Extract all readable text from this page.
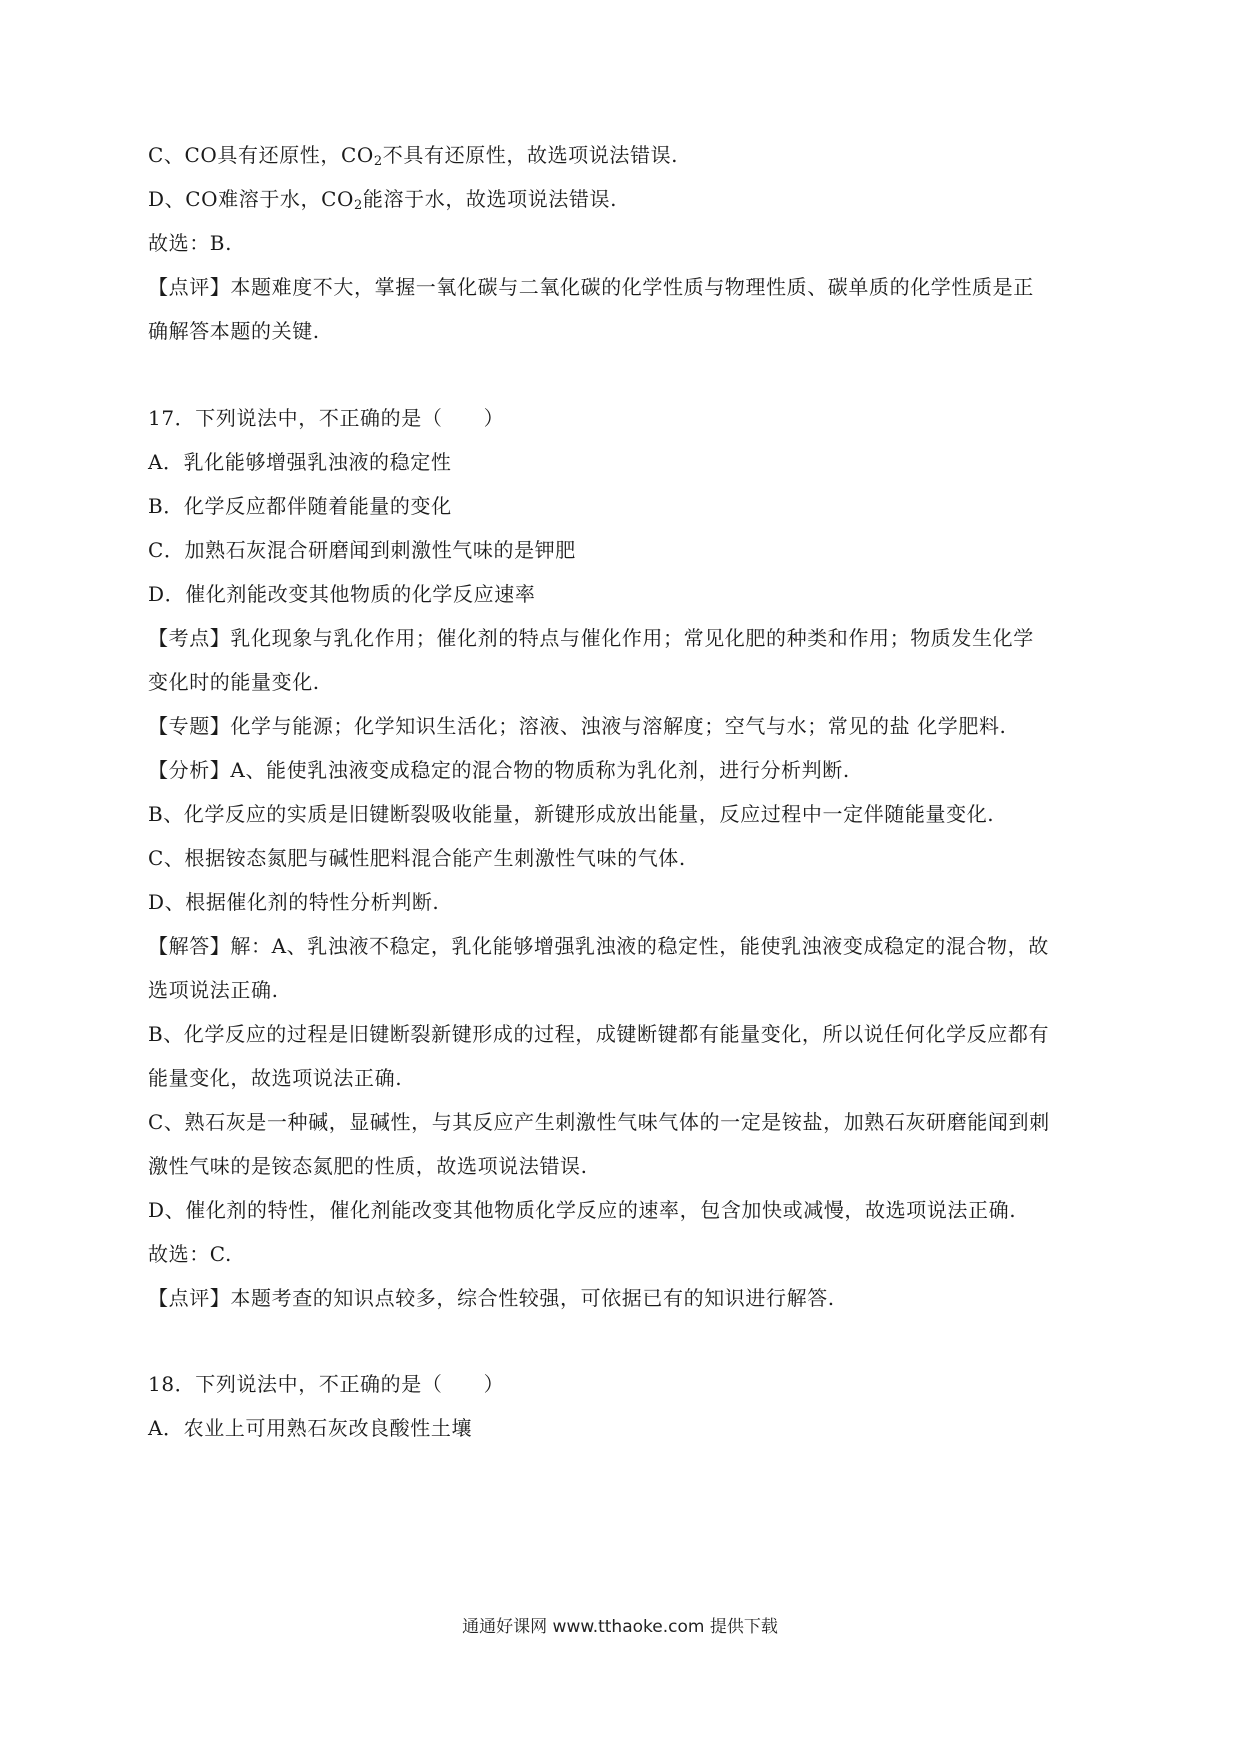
C、CO具有还原性，$CO_2$不具有还原性，故选项说法错误.
D、CO难溶于水，$CO_2$能溶于水，故选项说法错误.
故选：B.
【点评】本题难度不大，掌握一氧化碳与二氧化碳的化学性质与物理性质、碳单质的化学性质是正
确解答本题的关键.
17．下列说法中，不正确的是（　　）
A．乳化能够增强乳浊液的稳定性
B．化学反应都伴随着能量的变化
C．加熟石灰混合研磨闻到刺激性气味的是钾肥
D．催化剂能改变其他物质的化学反应速率
【考点】乳化现象与乳化作用；催化剂的特点与催化作用；常见化肥的种类和作用；物质发生化学
变化时的能量变化.
【专题】化学与能源；化学知识生活化；溶液、浊液与溶解度；空气与水；常见的盐 化学肥料.
【分析】A、能使乳浊液变成稳定的混合物的物质称为乳化剂，进行分析判断.
B、化学反应的实质是旧键断裂吸收能量，新键形成放出能量，反应过程中一定伴随能量变化.
C、根据铵态氮肥与碱性肥料混合能产生刺激性气味的气体.
D、根据催化剂的特性分析判断.
【解答】解：A、乳浊液不稳定，乳化能够增强乳浊液的稳定性，能使乳浊液变成稳定的混合物，故
选项说法正确.
B、化学反应的过程是旧键断裂新键形成的过程，成键断键都有能量变化，所以说任何化学反应都有
能量变化，故选项说法正确.
C、熟石灰是一种碱，显碱性，与其反应产生刺激性气味气体的一定是铵盐，加熟石灰研磨能闻到刺
激性气味的是铵态氮肥的性质，故选项说法错误.
D、催化剂的特性，催化剂能改变其他物质化学反应的速率，包含加快或减慢，故选项说法正确.
故选：C.
【点评】本题考查的知识点较多，综合性较强，可依据已有的知识进行解答.
18．下列说法中，不正确的是（　　）
A．农业上可用熟石灰改良酸性土壤
通通好课网 www.tthaoke.com 提供下载
